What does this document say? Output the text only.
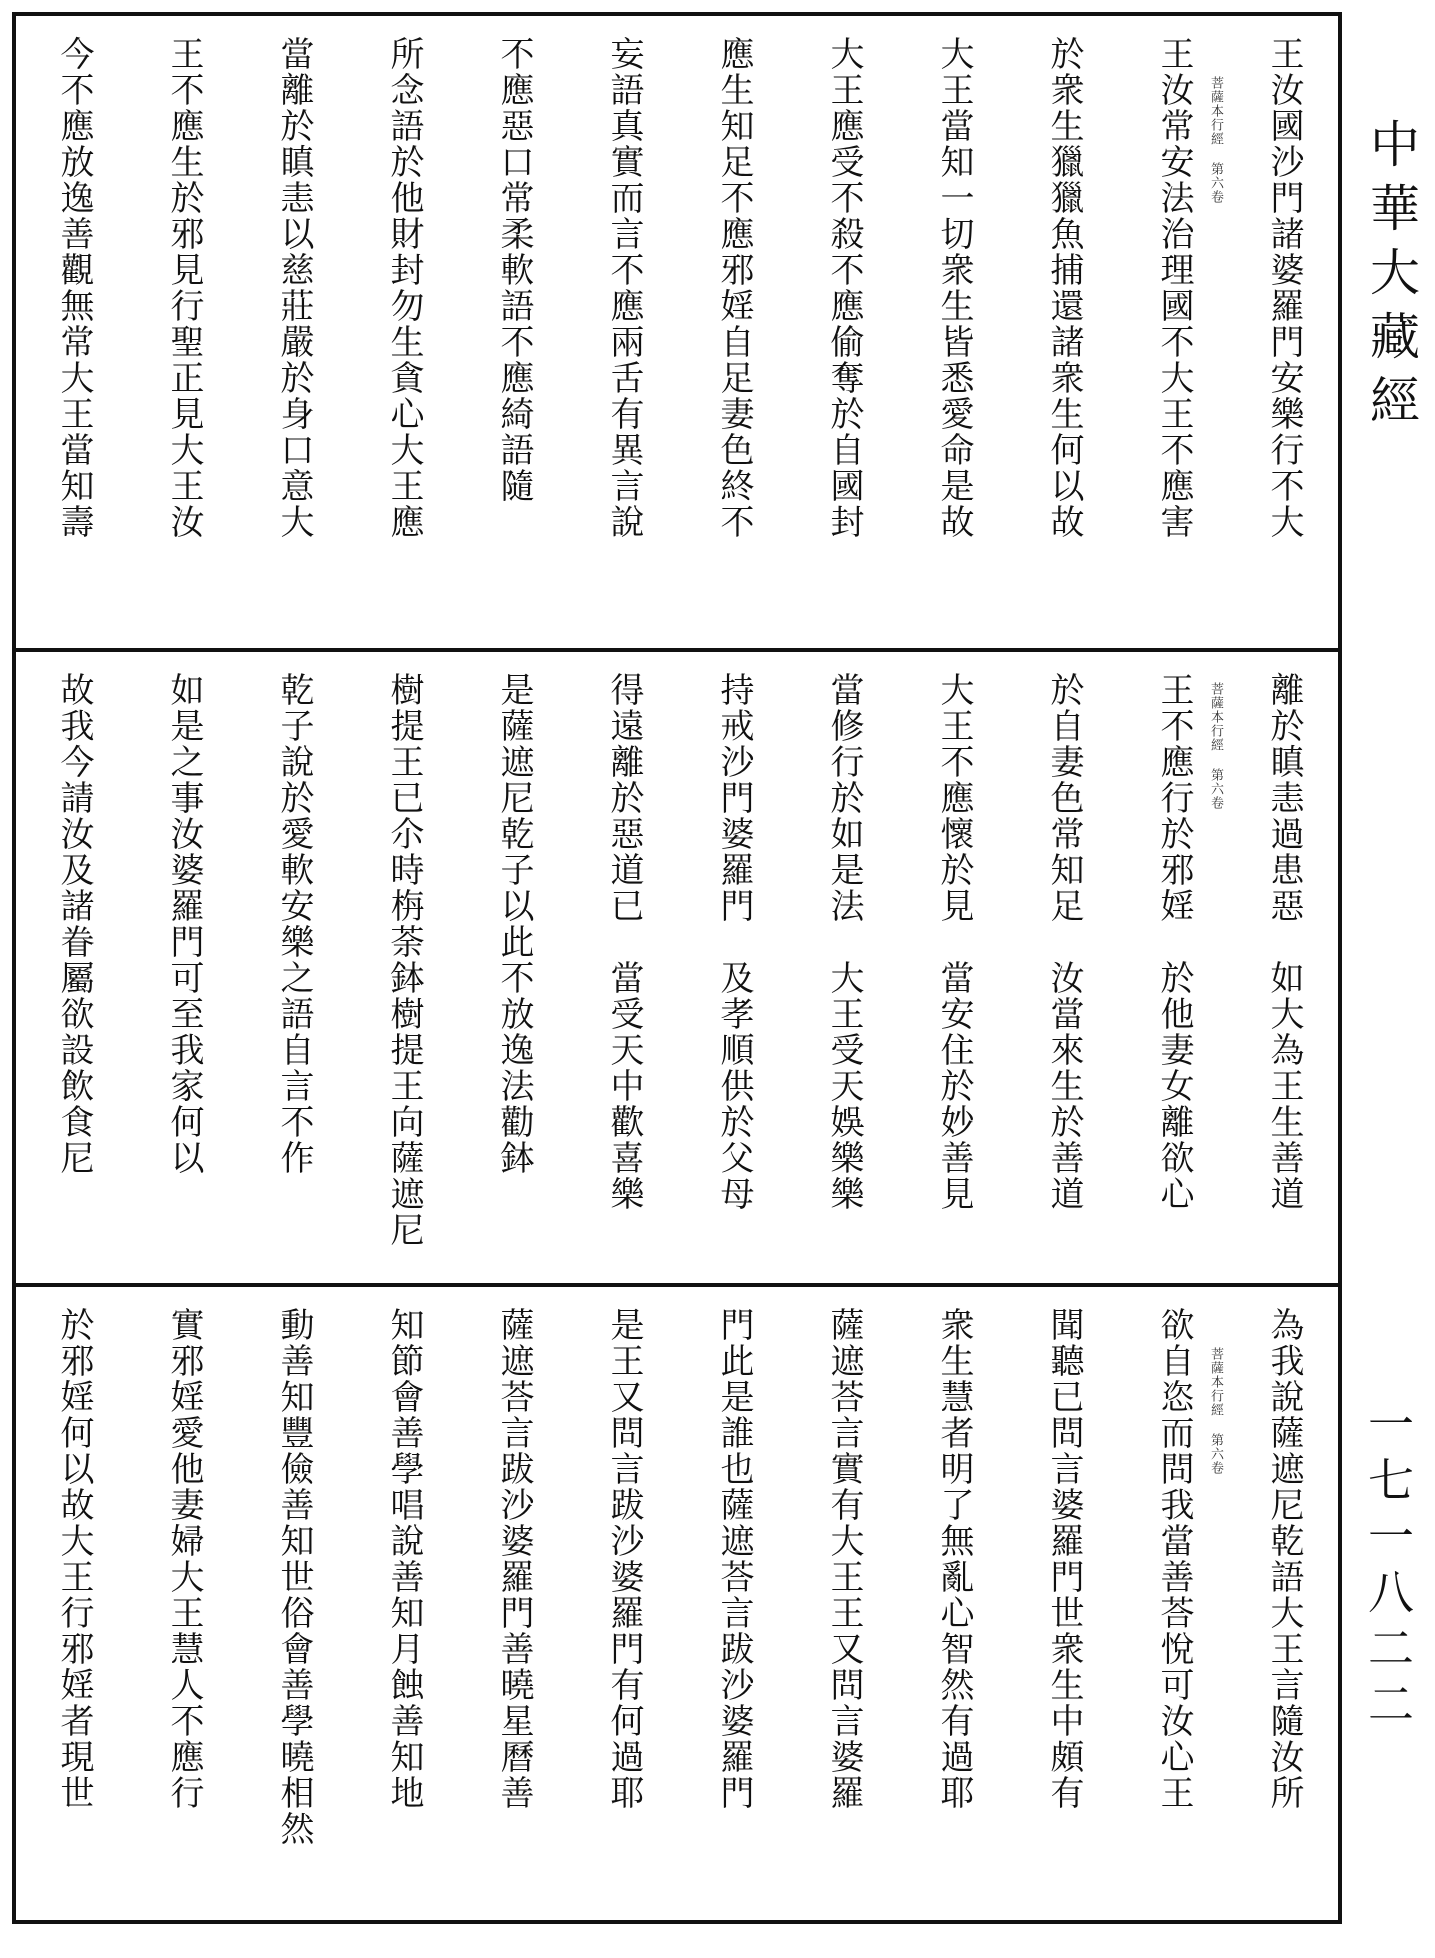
王汝國沙門諸婆羅門安樂行不大
王汝常安法治理國不大王不應害
於衆生獵獵魚捕還諸衆生何以故
大王當知一切衆生皆悉愛命是故
大王應受不殺不應偷奪於自國封
應生知足不應邪婬自足妻色終不
妄語真實而言不應兩舌有異言說
不應惡口常柔軟語不應綺語隨
所念語於他財封勿生貪心大王應
當離於瞋恚以慈莊嚴於身口意大
王不應生於邪見行聖正見大王汝
今不應放逸善觀無常大王當知壽	菩薩本行經 第六卷
離於瞋恚過患惡　如大為王生善道
王不應行於邪婬　於他妻女離欲心
於自妻色常知足　汝當來生於善道
大王不應懷於見　當安住於妙善見
當修行於如是法　大王受天娛樂樂
持戒沙門婆羅門　及孝順供於父母
得遠離於惡道已　當受天中歡喜樂
是薩遮尼乾子以此不放逸法勸鉢
樹提王已尒時栴荼鉢樹提王向薩遮尼
乾子說於愛軟安樂之語自言不作
如是之事汝婆羅門可至我家何以
故我今請汝及諸眷屬欲設飲食尼	菩薩本行經 第六卷
為我說薩遮尼乾語大王言隨汝所
欲自恣而問我當善荅悅可汝心王
聞聽已問言婆羅門世衆生中頗有
衆生慧者明了無亂心智然有過耶
薩遮荅言實有大王王又問言婆羅
門此是誰也薩遮荅言跋沙婆羅門
是王又問言跋沙婆羅門有何過耶
薩遮荅言跋沙婆羅門善曉星曆善
知節會善學唱說善知月蝕善知地
動善知豐儉善知世俗會善學曉相然
實邪婬愛他妻婦大王慧人不應行
於邪婬何以故大王行邪婬者現世	菩薩本行經 第六卷
中華大藏經
一七一八二二
